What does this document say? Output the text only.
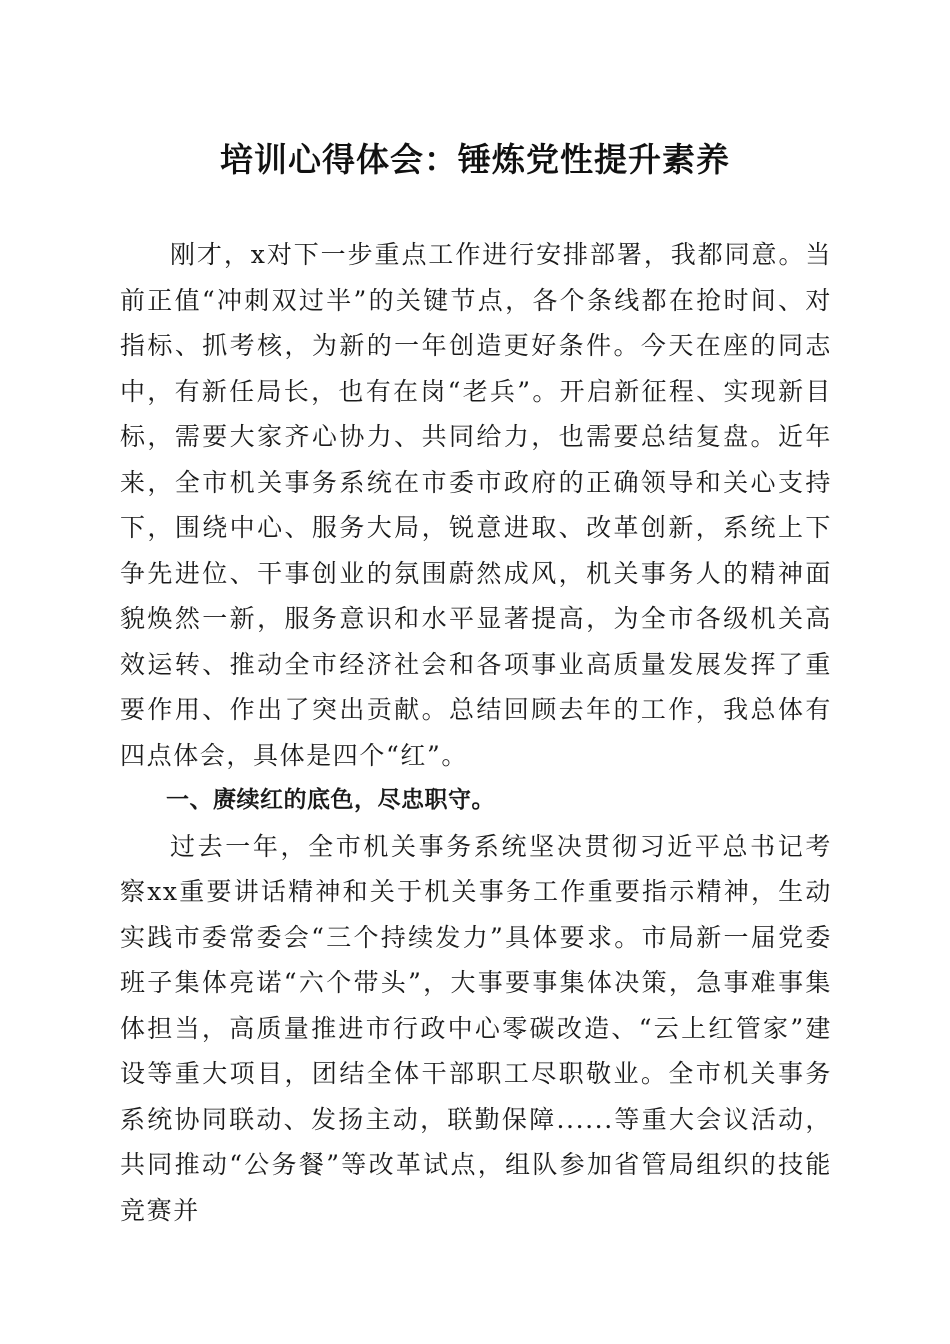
培训心得体会：锤炼党性提升素养

刚才，x对下一步重点工作进行安排部署，我都同意。当前正值“冲刺双过半”的关键节点，各个条线都在抢时间、对指标、抓考核，为新的一年创造更好条件。今天在座的同志中，有新任局长，也有在岗“老兵”。开启新征程、实现新目标，需要大家齐心协力、共同给力，也需要总结复盘。近年来，全市机关事务系统在市委市政府的正确领导和关心支持下，围绕中心、服务大局，锐意进取、改革创新，系统上下争先进位、干事创业的氛围蔚然成风，机关事务人的精神面貌焕然一新，服务意识和水平显著提高，为全市各级机关高效运转、推动全市经济社会和各项事业高质量发展发挥了重要作用、作出了突出贡献。总结回顾去年的工作，我总体有四点体会，具体是四个“红”。

一、赓续红的底色，尽忠职守。

过去一年，全市机关事务系统坚决贯彻习近平总书记考察xx重要讲话精神和关于机关事务工作重要指示精神，生动实践市委常委会“三个持续发力”具体要求。市局新一届党委班子集体亮诺“六个带头”，大事要事集体决策，急事难事集体担当，高质量推进市行政中心零碳改造、“云上红管家”建设等重大项目，团结全体干部职工尽职敬业。全市机关事务系统协同联动、发扬主动，联勤保障......等重大会议活动，共同推动“公务餐”等改革试点，组队参加省管局组织的技能竞赛并
